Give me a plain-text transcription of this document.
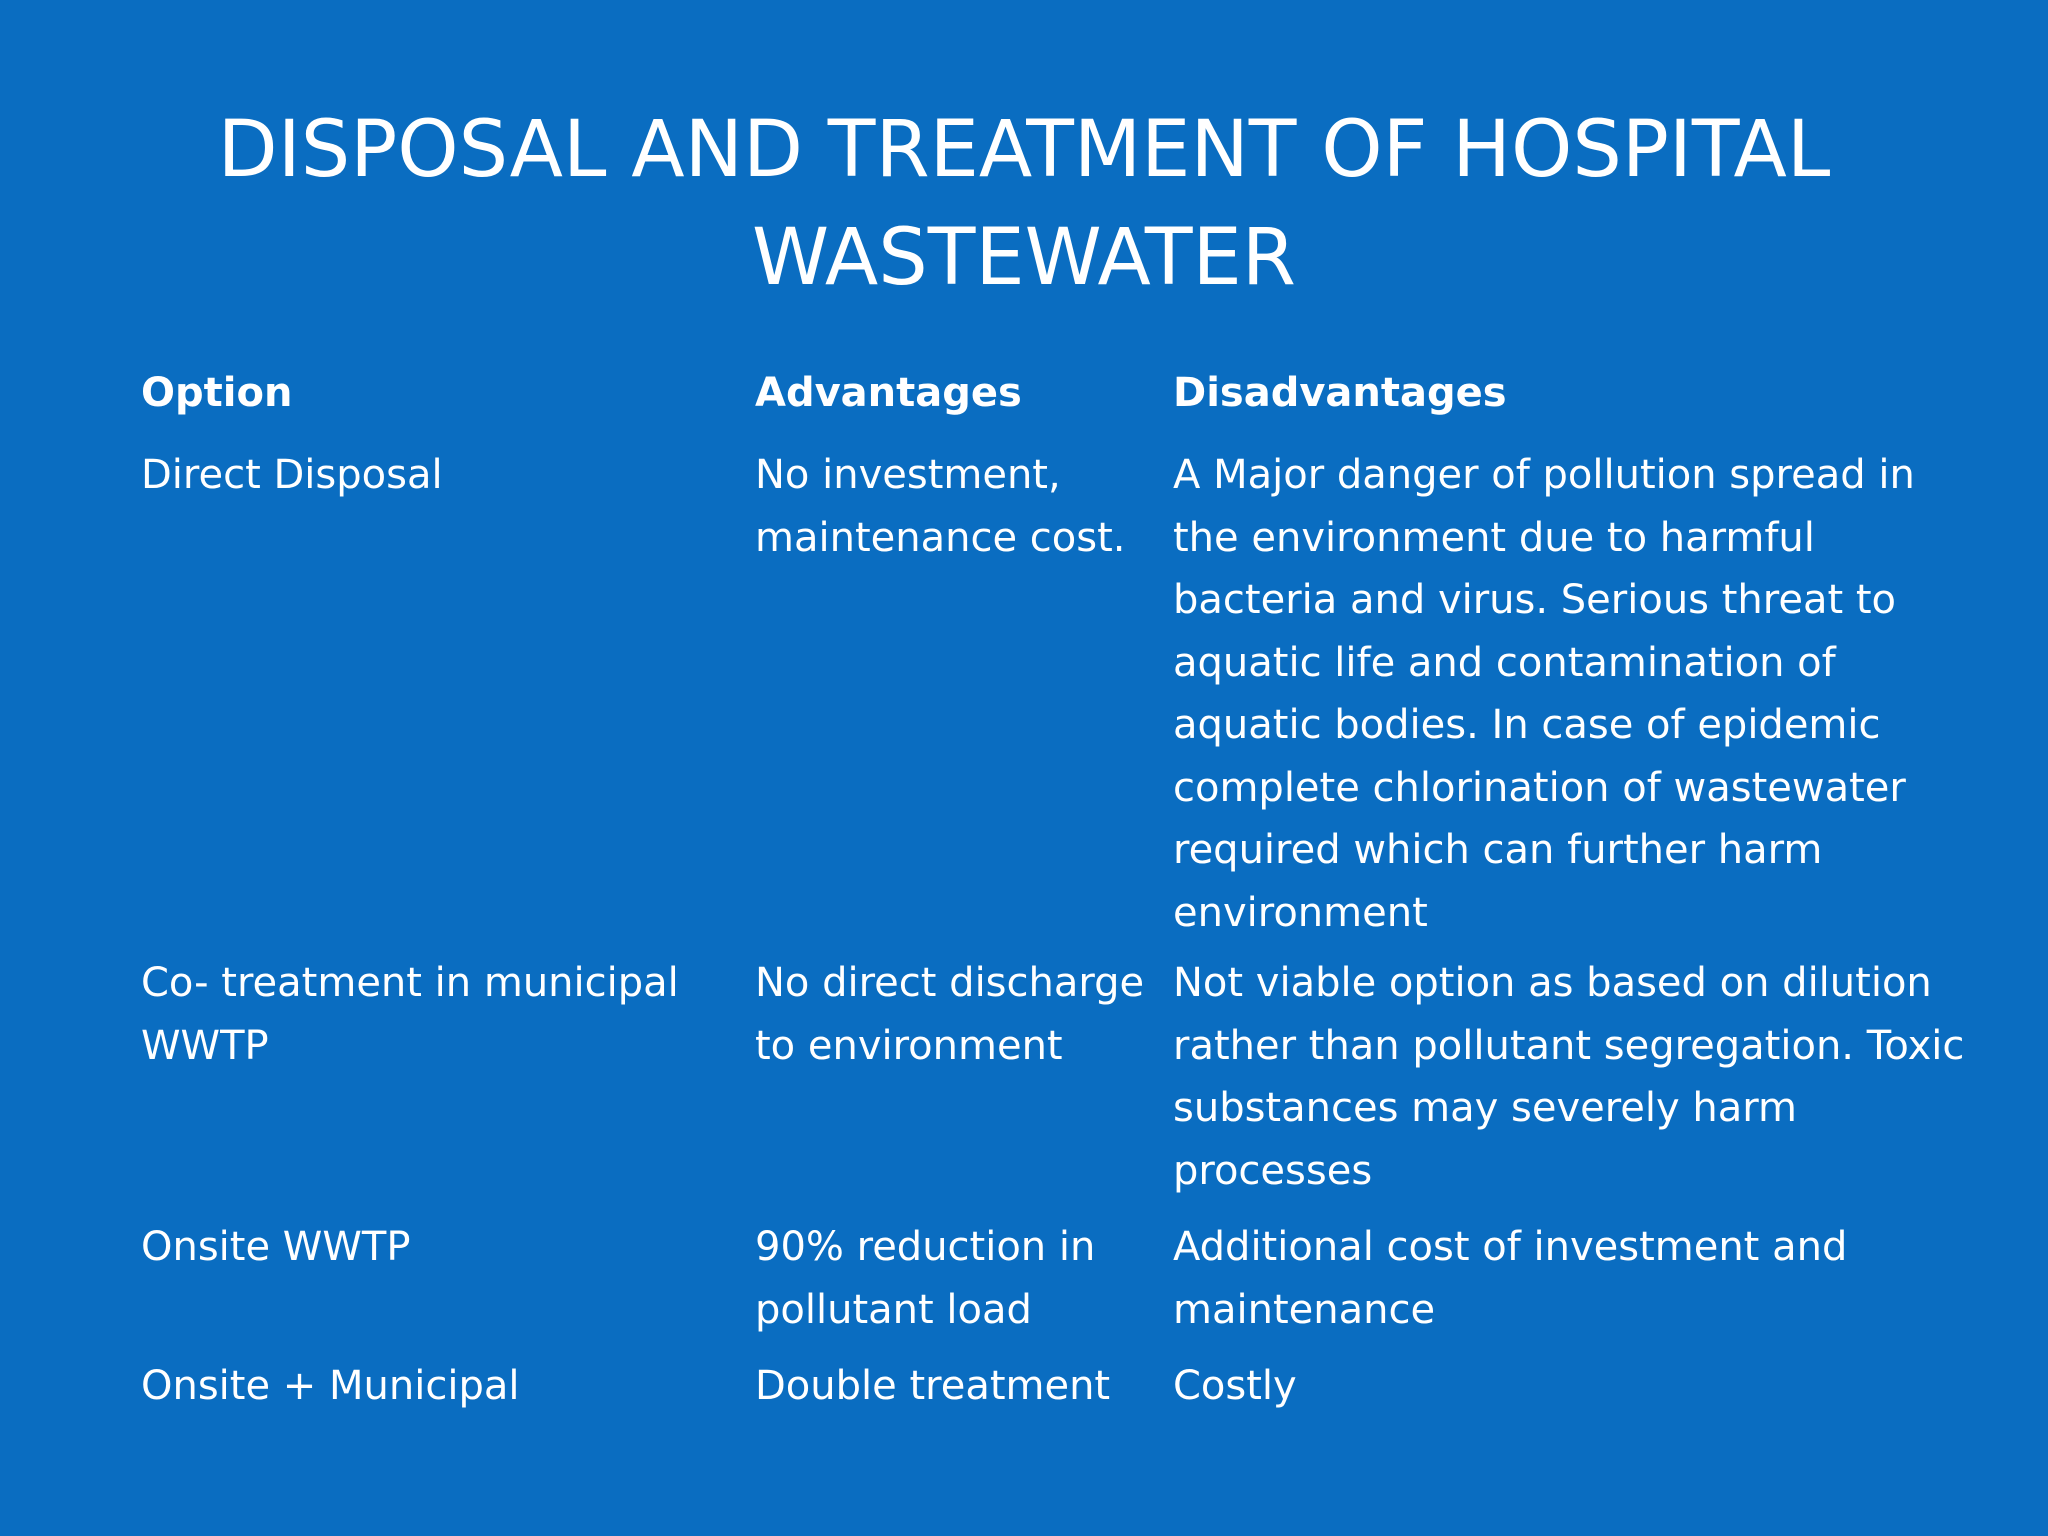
DISPOSAL AND TREATMENT OF HOSPITAL
WASTEWATER
Option	Advantages	Disadvantages
Direct Disposal	No investment, maintenance cost.	A Major danger of pollution spread in the environment due to harmful bacteria and virus. Serious threat to aquatic life and contamination of aquatic bodies. In case of epidemic complete chlorination of wastewater required which can further harm environment
Co- treatment in municipal WWTP	No direct discharge to environment	Not viable option as based on dilution rather than pollutant segregation. Toxic substances may severely harm processes
Onsite WWTP	90% reduction in pollutant load	Additional cost of investment and maintenance
Onsite + Municipal	Double treatment	Costly
